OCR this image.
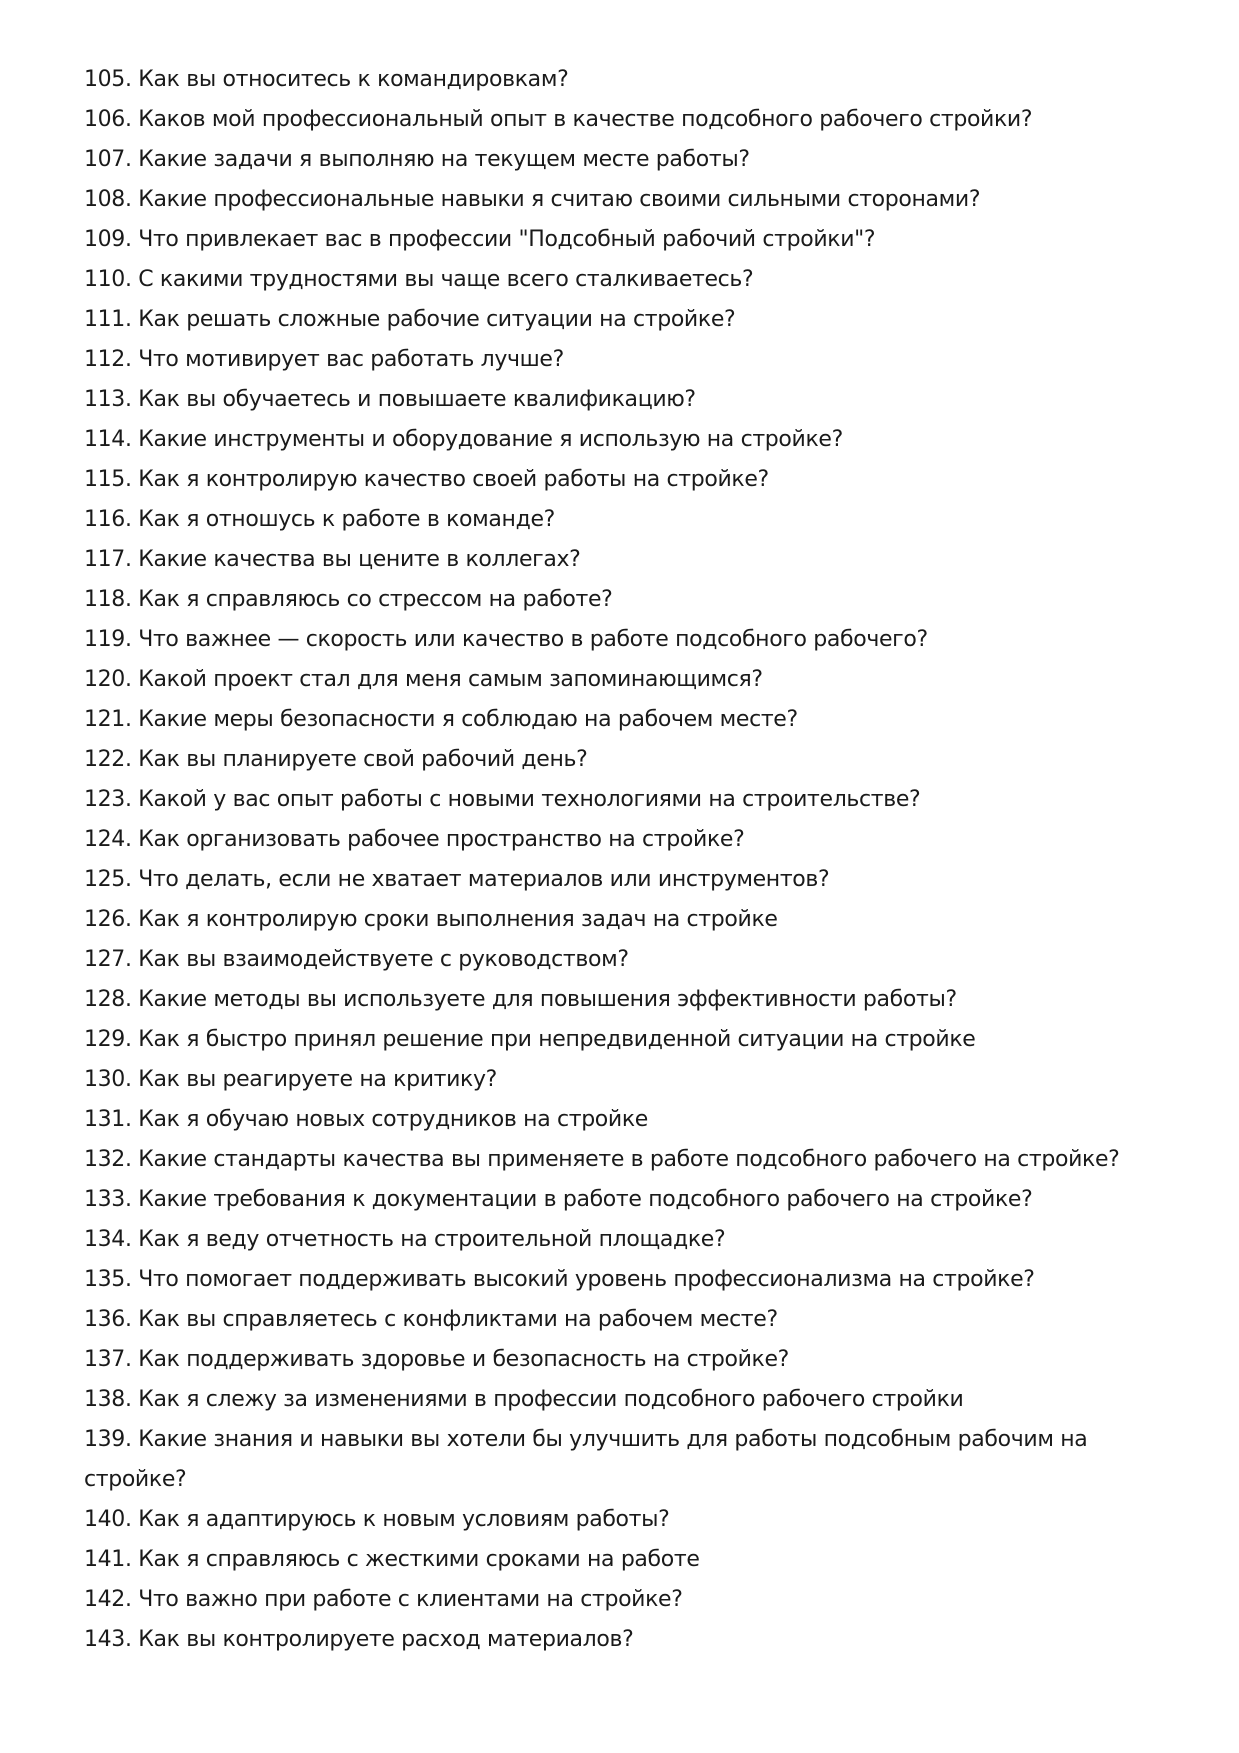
105. Как вы относитесь к командировкам?
106. Каков мой профессиональный опыт в качестве подсобного рабочего стройки?
107. Какие задачи я выполняю на текущем месте работы?
108. Какие профессиональные навыки я считаю своими сильными сторонами?
109. Что привлекает вас в профессии "Подсобный рабочий стройки"?
110. С какими трудностями вы чаще всего сталкиваетесь?
111. Как решать сложные рабочие ситуации на стройке?
112. Что мотивирует вас работать лучше?
113. Как вы обучаетесь и повышаете квалификацию?
114. Какие инструменты и оборудование я использую на стройке?
115. Как я контролирую качество своей работы на стройке?
116. Как я отношусь к работе в команде?
117. Какие качества вы цените в коллегах?
118. Как я справляюсь со стрессом на работе?
119. Что важнее — скорость или качество в работе подсобного рабочего?
120. Какой проект стал для меня самым запоминающимся?
121. Какие меры безопасности я соблюдаю на рабочем месте?
122. Как вы планируете свой рабочий день?
123. Какой у вас опыт работы с новыми технологиями на строительстве?
124. Как организовать рабочее пространство на стройке?
125. Что делать, если не хватает материалов или инструментов?
126. Как я контролирую сроки выполнения задач на стройке
127. Как вы взаимодействуете с руководством?
128. Какие методы вы используете для повышения эффективности работы?
129. Как я быстро принял решение при непредвиденной ситуации на стройке
130. Как вы реагируете на критику?
131. Как я обучаю новых сотрудников на стройке
132. Какие стандарты качества вы применяете в работе подсобного рабочего на стройке?
133. Какие требования к документации в работе подсобного рабочего на стройке?
134. Как я веду отчетность на строительной площадке?
135. Что помогает поддерживать высокий уровень профессионализма на стройке?
136. Как вы справляетесь с конфликтами на рабочем месте?
137. Как поддерживать здоровье и безопасность на стройке?
138. Как я слежу за изменениями в профессии подсобного рабочего стройки
139. Какие знания и навыки вы хотели бы улучшить для работы подсобным рабочим на стройке?
140. Как я адаптируюсь к новым условиям работы?
141. Как я справляюсь с жесткими сроками на работе
142. Что важно при работе с клиентами на стройке?
143. Как вы контролируете расход материалов?
